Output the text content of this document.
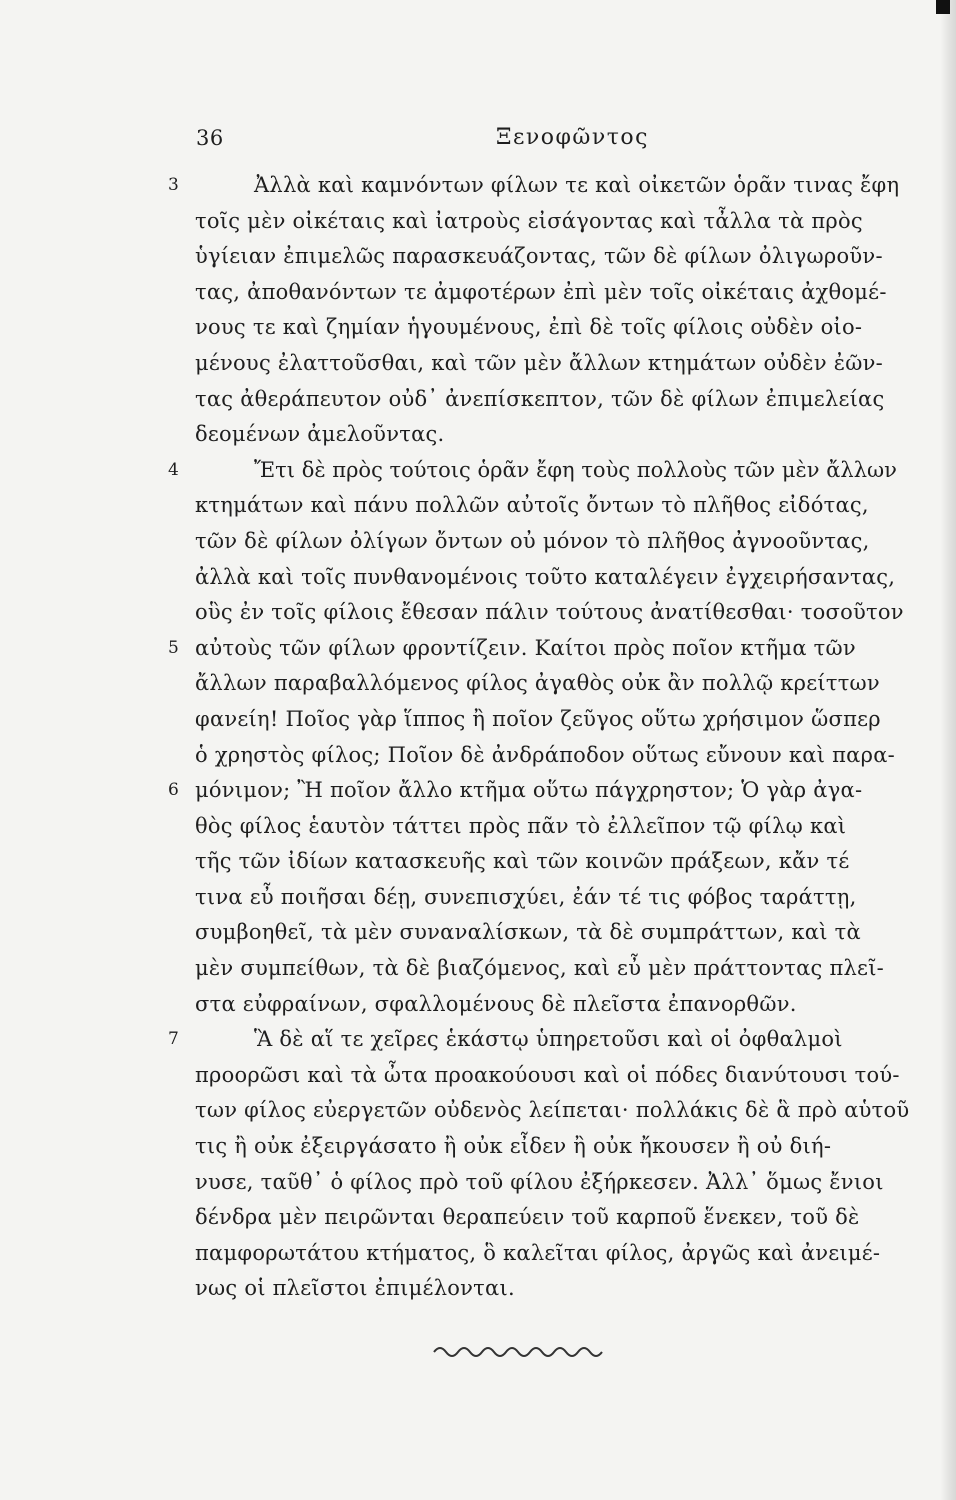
36	Ξενοφῶντος
3	Ἀλλὰ καὶ καμνόντων φίλων τε καὶ οἰκετῶν ὁρᾶν τινας ἔφη
τοῖς μὲν οἰκέταις καὶ ἰατροὺς εἰσάγοντας καὶ τἆλλα τὰ πρὸς
ὑγίειαν ἐπιμελῶς παρασκευάζοντας, τῶν δὲ φίλων ὀλιγωροῦν-
τας, ἀποθανόντων τε ἀμφοτέρων ἐπὶ μὲν τοῖς οἰκέταις ἀχθομέ-
νους τε καὶ ζημίαν ἡγουμένους, ἐπὶ δὲ τοῖς φίλοις οὐδὲν οἰο-
μένους ἐλαττοῦσθαι, καὶ τῶν μὲν ἄλλων κτημάτων οὐδὲν ἐῶν-
τας ἀθεράπευτον οὐδ᾽ ἀνεπίσκεπτον, τῶν δὲ φίλων ἐπιμελείας
δεομένων ἀμελοῦντας.
4	Ἔτι δὲ πρὸς τούτοις ὁρᾶν ἔφη τοὺς πολλοὺς τῶν μὲν ἄλλων
κτημάτων καὶ πάνυ πολλῶν αὐτοῖς ὄντων τὸ πλῆθος εἰδότας,
τῶν δὲ φίλων ὀλίγων ὄντων οὐ μόνον τὸ πλῆθος ἀγνοοῦντας,
ἀλλὰ καὶ τοῖς πυνθανομένοις τοῦτο καταλέγειν ἐγχειρήσαντας,
οὓς ἐν τοῖς φίλοις ἔθεσαν πάλιν τούτους ἀνατίθεσθαι· τοσοῦτον
5 αὐτοὺς τῶν φίλων φροντίζειν. Καίτοι πρὸς ποῖον κτῆμα τῶν
ἄλλων παραβαλλόμενος φίλος ἀγαθὸς οὐκ ἂν πολλῷ κρείττων
φανείη! Ποῖος γὰρ ἵππος ἢ ποῖον ζεῦγος οὕτω χρήσιμον ὥσπερ
ὁ χρηστὸς φίλος; Ποῖον δὲ ἀνδράποδον οὕτως εὔνουν καὶ παρα-
6 μόνιμον; Ἢ ποῖον ἄλλο κτῆμα οὕτω πάγχρηστον; Ὁ γὰρ ἀγα-
θὸς φίλος ἑαυτὸν τάττει πρὸς πᾶν τὸ ἐλλεῖπον τῷ φίλῳ καὶ
τῆς τῶν ἰδίων κατασκευῆς καὶ τῶν κοινῶν πράξεων, κἄν τέ
τινα εὖ ποιῆσαι δέῃ, συνεπισχύει, ἐάν τέ τις φόβος ταράττῃ,
συμβοηθεῖ, τὰ μὲν συναναλίσκων, τὰ δὲ συμπράττων, καὶ τὰ
μὲν συμπείθων, τὰ δὲ βιαζόμενος, καὶ εὖ μὲν πράττοντας πλεῖ-
στα εὐφραίνων, σφαλλομένους δὲ πλεῖστα ἐπανορθῶν.
7	Ἃ δὲ αἵ τε χεῖρες ἑκάστῳ ὑπηρετοῦσι καὶ οἱ ὀφθαλμοὶ
προορῶσι καὶ τὰ ὦτα προακούουσι καὶ οἱ πόδες διανύτουσι τού-
των φίλος εὐεργετῶν οὐδενὸς λείπεται· πολλάκις δὲ ἃ πρὸ αὑτοῦ
τις ἢ οὐκ ἐξειργάσατο ἢ οὐκ εἶδεν ἢ οὐκ ἤκουσεν ἢ οὐ διή-
νυσε, ταῦθ᾽ ὁ φίλος πρὸ τοῦ φίλου ἐξήρκεσεν. Ἀλλ᾽ ὅμως ἔνιοι
δένδρα μὲν πειρῶνται θεραπεύειν τοῦ καρποῦ ἕνεκεν, τοῦ δὲ
παμφορωτάτου κτήματος, ὃ καλεῖται φίλος, ἀργῶς καὶ ἀνειμέ-
νως οἱ πλεῖστοι ἐπιμέλονται.
